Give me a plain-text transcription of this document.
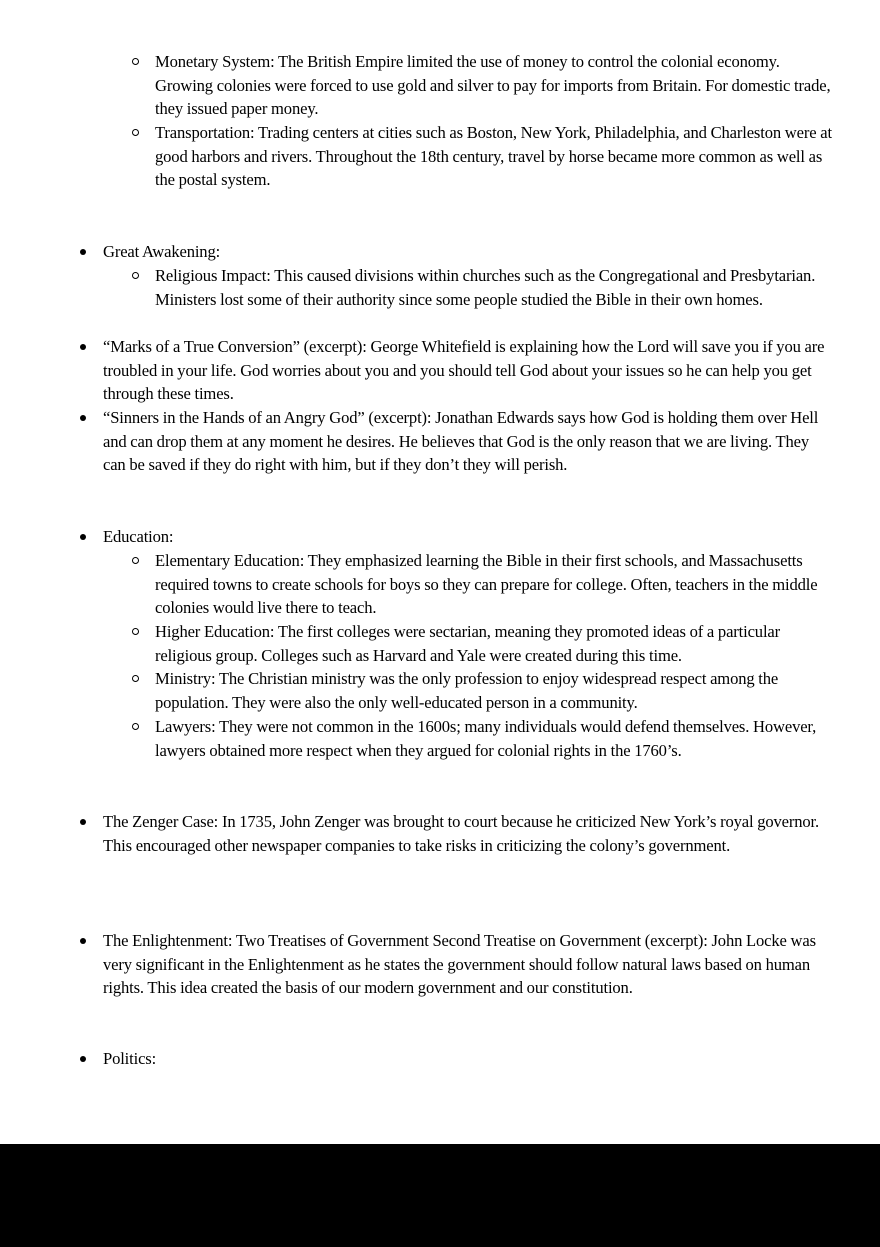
Monetary System: The British Empire limited the use of money to control the colonial economy. Growing colonies were forced to use gold and silver to pay for imports from Britain. For domestic trade, they issued paper money.
Transportation: Trading centers at cities such as Boston, New York, Philadelphia, and Charleston were at good harbors and rivers. Throughout the 18th century, travel by horse became more common as well as the postal system.
Great Awakening:
Religious Impact: This caused divisions within churches such as the Congregational and Presbytarian. Ministers lost some of their authority since some people studied the Bible in their own homes.
“Marks of a True Conversion” (excerpt): George Whitefield is explaining how the Lord will save you if you are troubled in your life. God worries about you and you should tell God about your issues so he can help you get through these times.
“Sinners in the Hands of an Angry God” (excerpt): Jonathan Edwards says how God is holding them over Hell and can drop them at any moment he desires. He believes that God is the only reason that we are living. They can be saved if they do right with him, but if they don’t they will perish.
Education:
Elementary Education: They emphasized learning the Bible in their first schools, and Massachusetts required towns to create schools for boys so they can prepare for college. Often, teachers in the middle colonies would live there to teach.
Higher Education: The first colleges were sectarian, meaning they promoted ideas of a particular religious group. Colleges such as Harvard and Yale were created during this time.
Ministry: The Christian ministry was the only profession to enjoy widespread respect among the population. They were also the only well-educated person in a community.
Lawyers: They were not common in the 1600s; many individuals would defend themselves. However, lawyers obtained more respect when they argued for colonial rights in the 1760’s.
The Zenger Case: In 1735, John Zenger was brought to court because he criticized New York’s royal governor. This encouraged other newspaper companies to take risks in criticizing the colony’s government.
The Enlightenment: Two Treatises of Government Second Treatise on Government (excerpt): John Locke was very significant in the Enlightenment as he states the government should follow natural laws based on human rights. This idea created the basis of our modern government and our constitution.
Politics:
